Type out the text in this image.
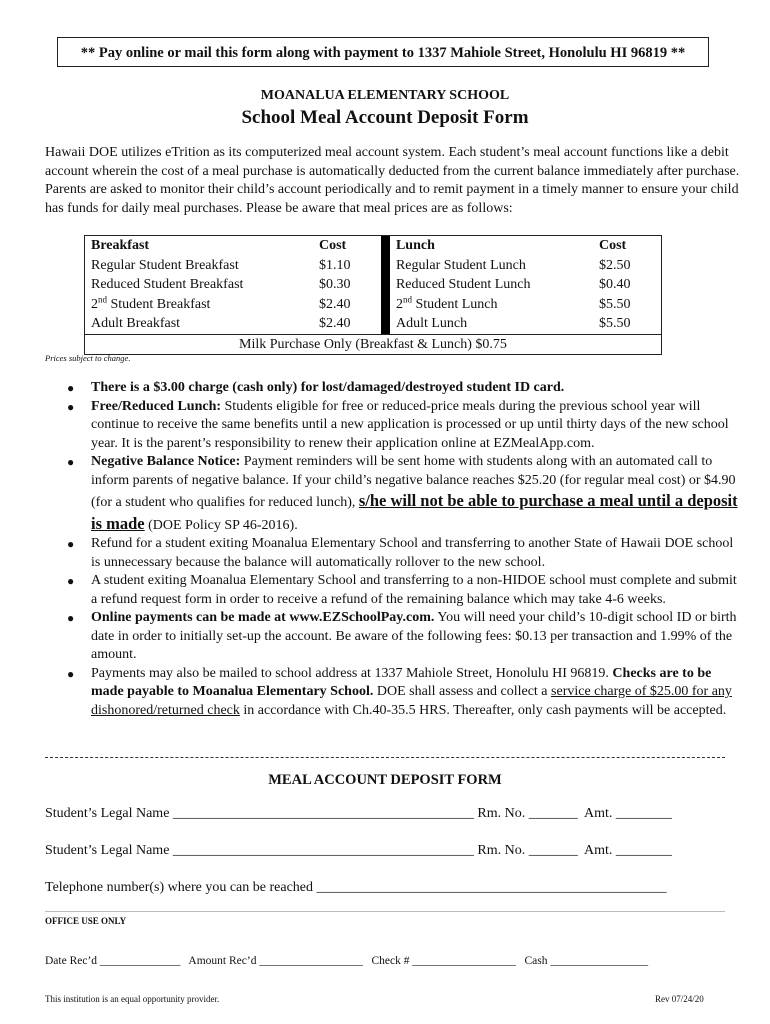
** Pay online or mail this form along with payment to 1337 Mahiole Street, Honolulu HI 96819 **
MOANALUA ELEMENTARY SCHOOL
School Meal Account Deposit Form

Hawaii DOE utilizes eTrition as its computerized meal account system. Each student’s meal account functions like a debit account wherein the cost of a meal purchase is automatically deducted from the current balance immediately after purchase. Parents are asked to monitor their child’s account periodically and to remit payment in a timely manner to ensure your child has funds for daily meal purchases. Please be aware that meal prices are as follows:

Breakfast	Cost		Lunch	Cost
Regular Student Breakfast	$1.10		Regular Student Lunch	$2.50
Reduced Student Breakfast	$0.30		Reduced Student Lunch	$0.40
2nd Student Breakfast	$2.40		2nd Student Lunch	$5.50
Adult Breakfast	$2.40		Adult Lunch	$5.50
Milk Purchase Only (Breakfast & Lunch) $0.75				
Prices subject to change.
● There is a $3.00 charge (cash only) for lost/damaged/destroyed student ID card.
● Free/Reduced Lunch: Students eligible for free or reduced-price meals during the previous school year will continue to receive the same benefits until a new application is processed or up until thirty days of the new school year. It is the parent’s responsibility to renew their application online at EZMealApp.com.
● Negative Balance Notice: Payment reminders will be sent home with students along with an automated call to inform parents of negative balance. If your child’s negative balance reaches $25.20 (for regular meal cost) or $4.90 (for a student who qualifies for reduced lunch), s/he will not be able to purchase a meal until a deposit is made (DOE Policy SP 46-2016).
● Refund for a student exiting Moanalua Elementary School and transferring to another State of Hawaii DOE school is unnecessary because the balance will automatically rollover to the new school.
● A student exiting Moanalua Elementary School and transferring to a non-HIDOE school must complete and submit a refund request form in order to receive a refund of the remaining balance which may take 4-6 weeks.
● Online payments can be made at www.EZSchoolPay.com. You will need your child’s 10-digit school ID or birth date in order to initially set-up the account. Be aware of the following fees: $0.13 per transaction and 1.99% of the amount.
● Payments may also be mailed to school address at 1337 Mahiole Street, Honolulu HI 96819. Checks are to be made payable to Moanalua Elementary School. DOE shall assess and collect a service charge of $25.00 for any dishonored/returned check in accordance with Ch.40-35.5 HRS. Thereafter, only cash payments will be accepted.
MEAL ACCOUNT DEPOSIT FORM
Student’s Legal Name ___________________________________________ Rm. No. _______ Amt. ________
Student’s Legal Name ___________________________________________ Rm. No. _______ Amt. ________
Telephone number(s) where you can be reached __________________________________________________
OFFICE USE ONLY
Date Rec’d ______________ Amount Rec’d __________________ Check # __________________ Cash _________________
This institution is an equal opportunity provider.	Rev 07/24/20
